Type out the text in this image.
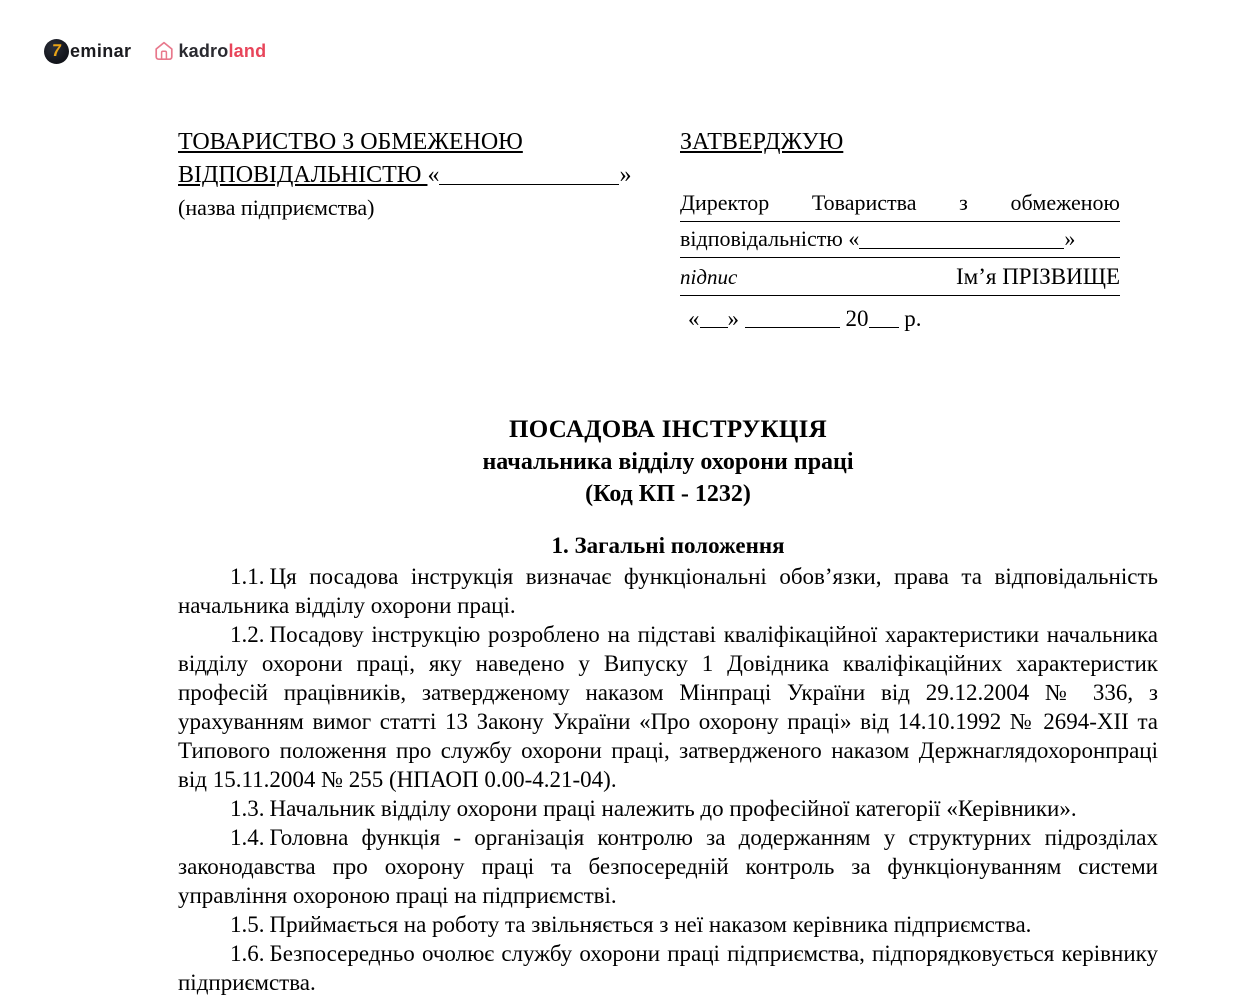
7 eminar	kadroland
ТОВАРИСТВО З ОБМЕЖЕНОЮ
ВІДПОВІДАЛЬНІСТЮ «	»
(назва підприємства)
ЗАТВЕРДЖУЮ
Директор Товариства з обмеженою
відповідальністю «	»
підпис	Ім’я ПРІЗВИЩЕ
« »	20 р.
ПОСАДОВА ІНСТРУКЦІЯ
начальника відділу охорони праці
(Код КП - 1232)
1. Загальні положення

1.1. Ця посадова інструкція визначає функціональні обов’язки, права та відповідальність начальника відділу охорони праці.

1.2. Посадову інструкцію розроблено на підставі кваліфікаційної характеристики начальника відділу охорони праці, яку наведено у Випуску 1 Довідника кваліфікаційних характеристик професій працівників, затвердженому наказом Мінпраці України від 29.12.2004 № 336, з урахуванням вимог статті 13 Закону України «Про охорону праці» від 14.10.1992 № 2694-XII та Типового положення про службу охорони праці, затвердженого наказом Держнаглядохоронпраці від 15.11.2004 № 255 (НПАОП 0.00-4.21-04).

1.3. Начальник відділу охорони праці належить до професійної категорії «Керівники».

1.4. Головна функція - організація контролю за додержанням у структурних підрозділах законодавства про охорону праці та безпосередній контроль за функціонуванням системи управління охороною праці на підприємстві.

1.5. Приймається на роботу та звільняється з неї наказом керівника підприємства.

1.6. Безпосередньо очолює службу охорони праці підприємства, підпорядковується керівнику підприємства.
